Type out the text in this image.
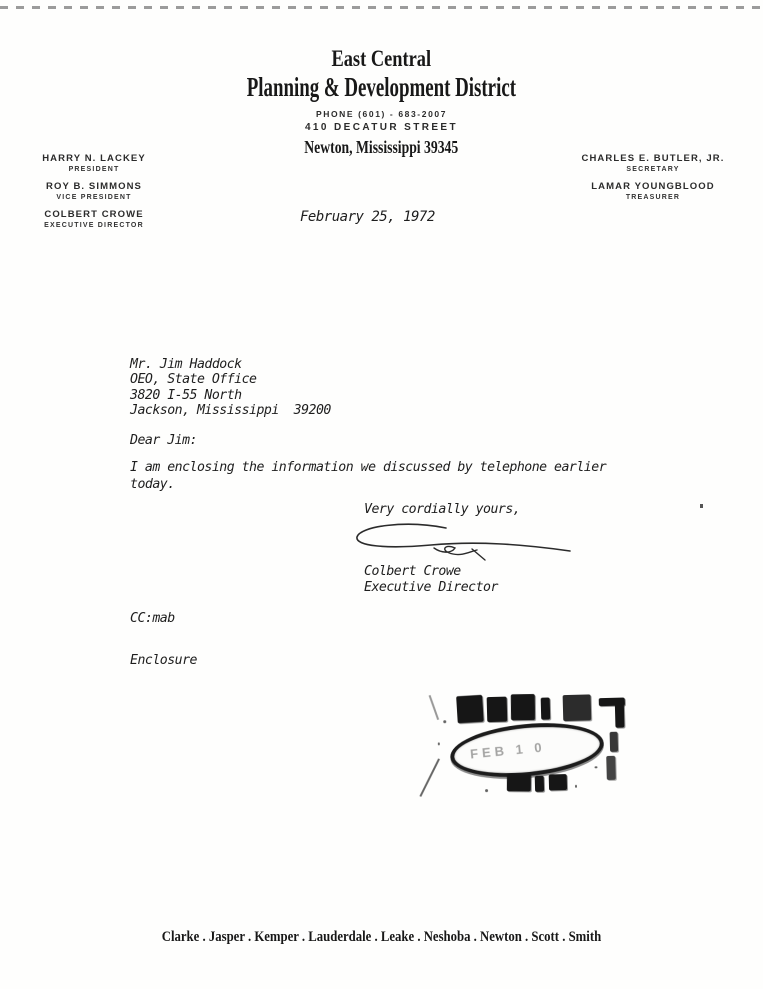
East Central
Planning & Development District
PHONE (601) - 683-2007
410 DECATUR STREET
Newton, Mississippi 39345
HARRY N. LACKEY
PRESIDENT
ROY B. SIMMONS
VICE PRESIDENT
COLBERT CROWE
EXECUTIVE DIRECTOR
CHARLES E. BUTLER, JR.
SECRETARY
LAMAR YOUNGBLOOD
TREASURER
February 25, 1972
Mr. Jim Haddock
OEO, State Office
3820 I-55 North
Jackson, Mississippi  39200
Dear Jim:
I am enclosing the information we discussed by telephone earlier
today.
Very cordially yours,
Colbert Crowe
Executive Director
CC:mab
Enclosure
FEB 1 0
Clarke . Jasper . Kemper . Lauderdale . Leake . Neshoba . Newton . Scott . Smith
